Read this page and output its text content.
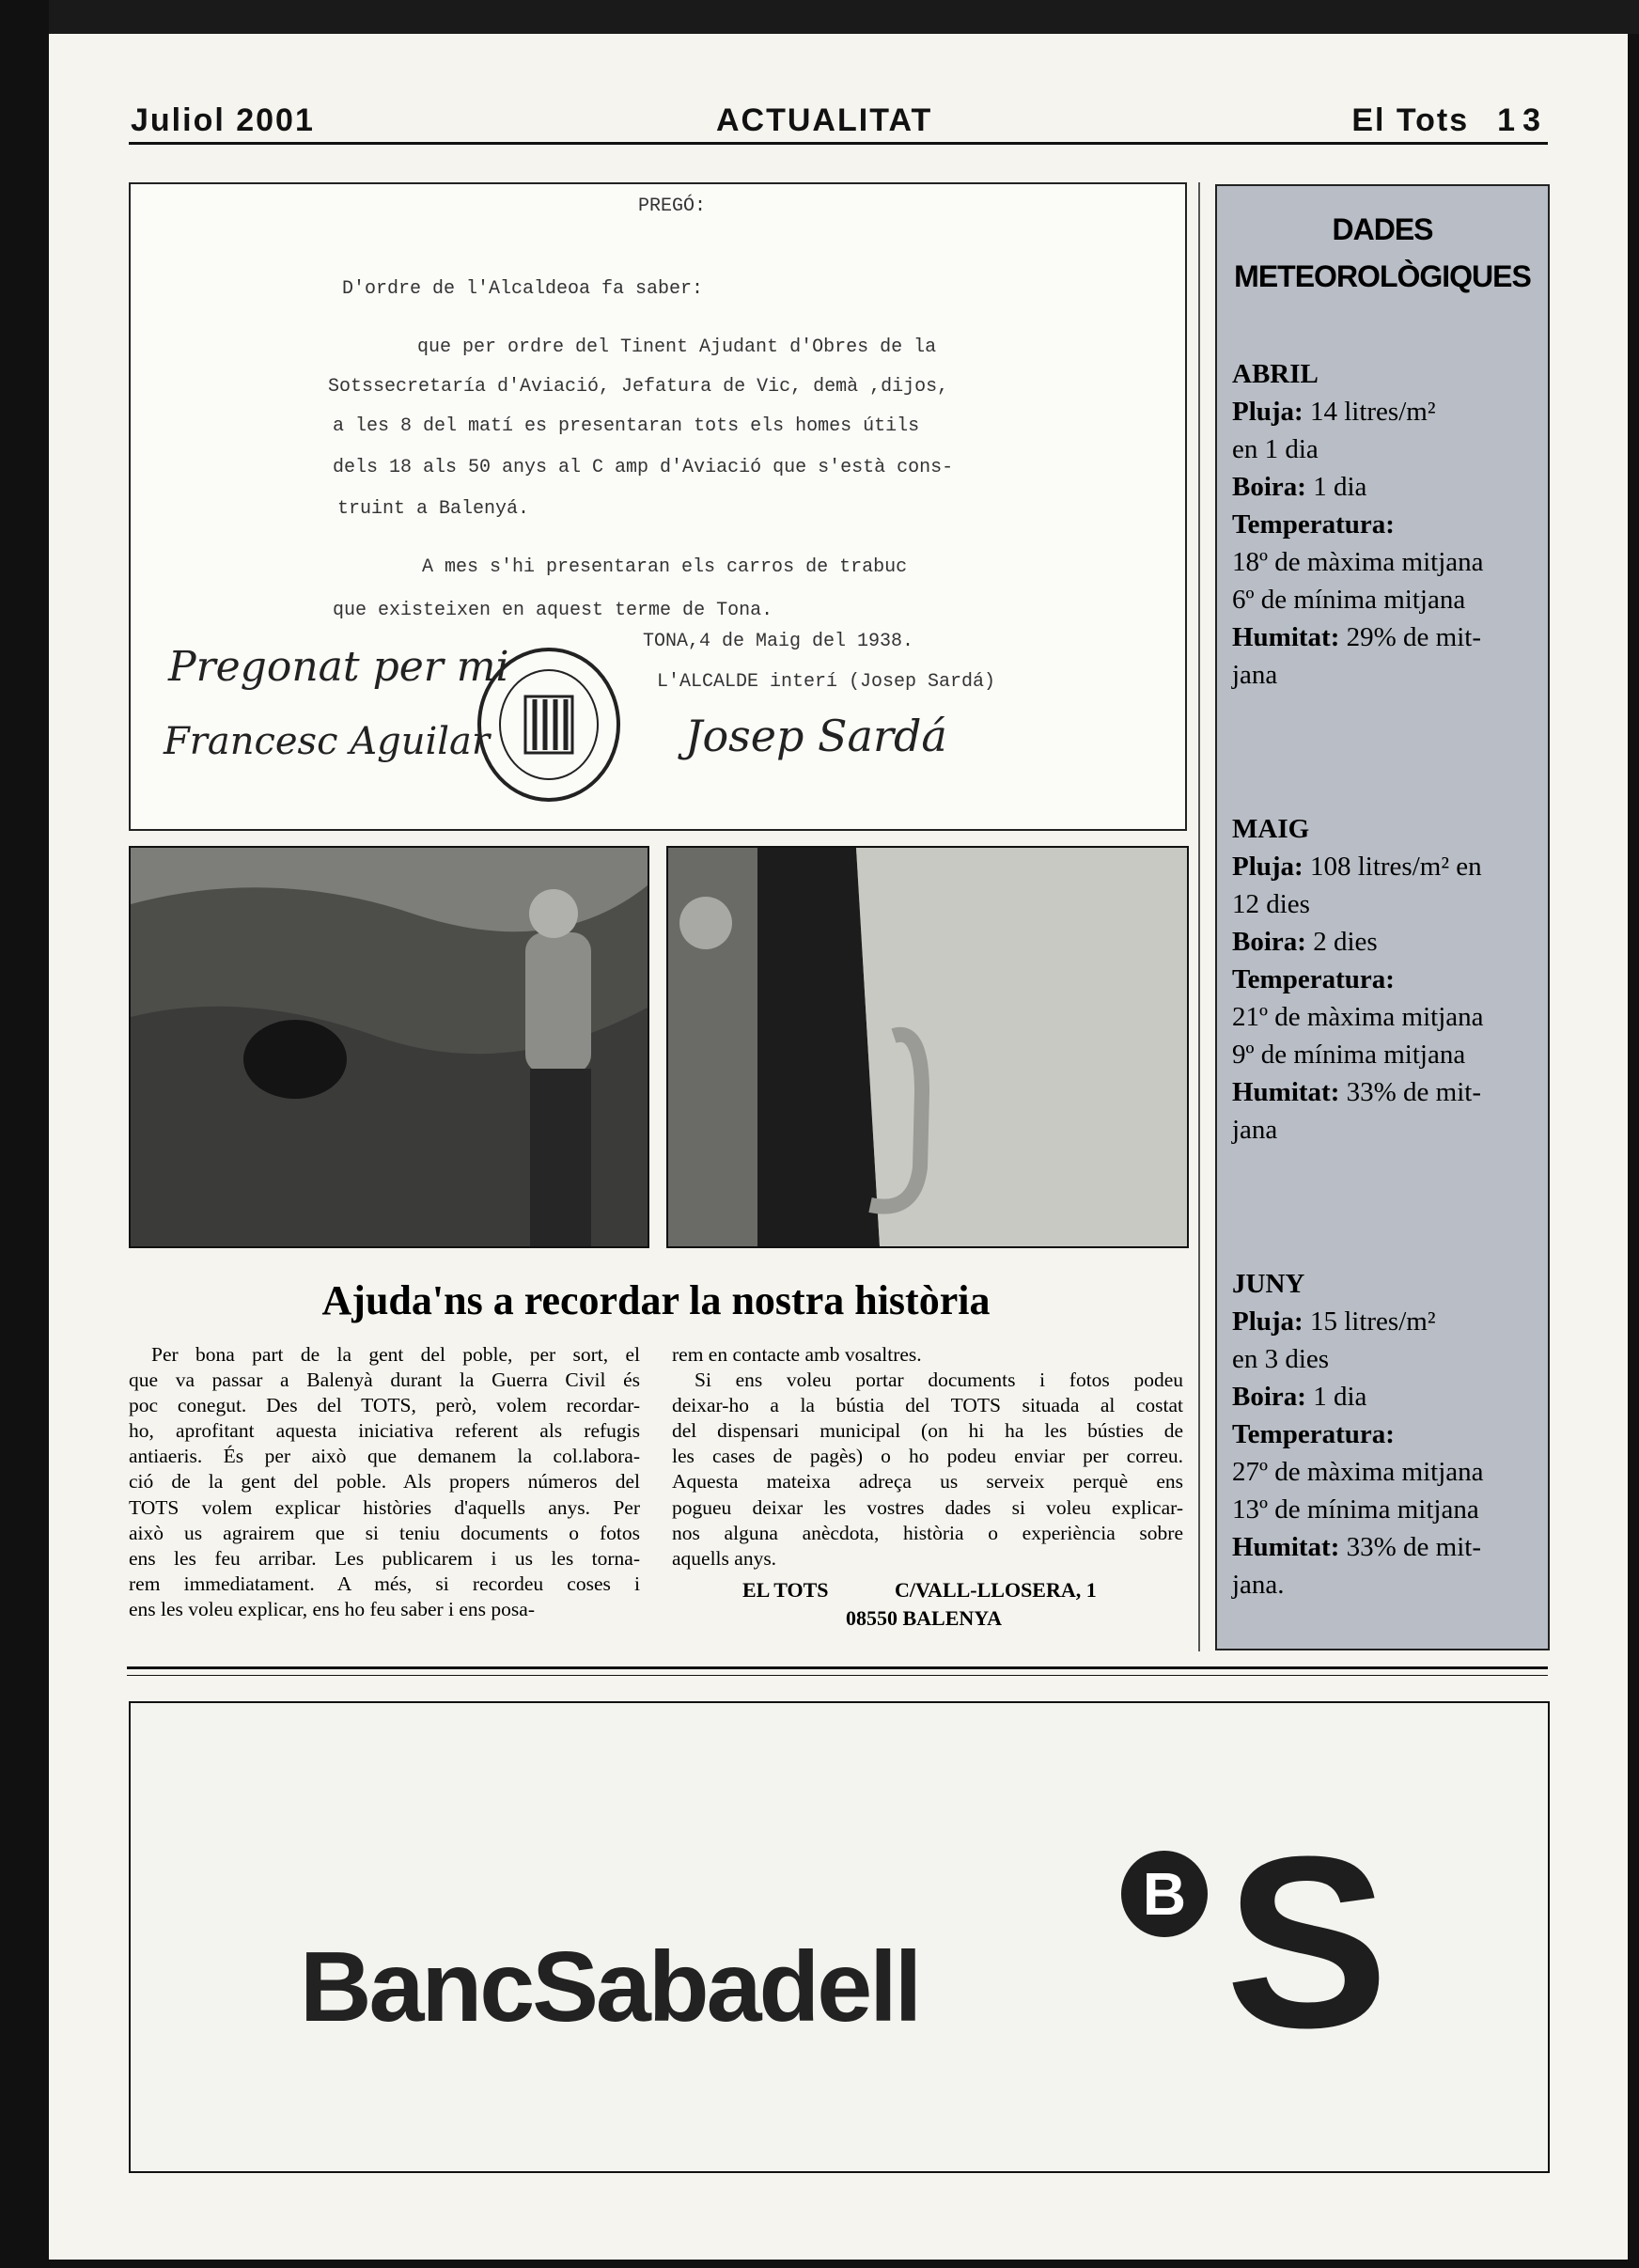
Juliol 2001	ACTUALITAT	El Tots 13
PREGÓ:
D'ordre de l'Alcaldeoa fa saber:
que per ordre del Tinent Ajudant d'Obres de la
Sotssecretaría d'Aviació, Jefatura de Vic, demà ,dijos,
a les 8 del matí es presentaran tots els homes útils
dels 18 als 50 anys al C amp d'Aviació que s'està cons-
truint a Balenyá.
A mes s'hi presentaran els carros de trabuc
que existeixen en aquest terme de Tona.
TONA,4 de Maig del 1938.
L'ALCALDE interí (Josep Sardá)
Pregonat per mi
Francesc Aguilar	Josep Sardá
DADES
METEOROLÒGIQUES
ABRIL
Pluja: 14 litres/m²
en 1 dia
Boira: 1 dia
Temperatura:
18º de màxima mitjana
6º de mínima mitjana
Humitat: 29% de mit-
jana
MAIG
Pluja: 108 litres/m² en
12 dies
Boira: 2 dies
Temperatura:
21º de màxima mitjana
9º de mínima mitjana
Humitat: 33% de mit-
jana
JUNY
Pluja: 15 litres/m²
en 3 dies
Boira: 1 dia
Temperatura:
27º de màxima mitjana
13º de mínima mitjana
Humitat: 33% de mit-
jana.
Ajuda'ns a recordar la nostra història
Per bona part de la gent del poble, per sort, el
que va passar a Balenyà durant la Guerra Civil és
poc conegut. Des del TOTS, però, volem recordar-
ho, aprofitant aquesta iniciativa referent als refugis
antiaeris. És per això que demanem la col.labora-
ció de la gent del poble. Als propers números del
TOTS volem explicar històries d'aquells anys. Per
això us agrairem que si teniu documents o fotos
ens les feu arribar. Les publicarem i us les torna-
rem immediatament. A més, si recordeu coses i
ens les voleu explicar, ens ho feu saber i ens posa-
rem en contacte amb vosaltres.
Si ens voleu portar documents i fotos podeu
deixar-ho a la bústia del TOTS situada al costat
del dispensari municipal (on hi ha les bústies de
les cases de pagès) o ho podeu enviar per correu.
Aquesta mateixa adreça us serveix perquè ens
pogueu deixar les vostres dades si voleu explicar-
nos alguna anècdota, història o experiència sobre
aquells anys.
EL TOTS	C/VALL-LLOSERA, 1
08550 BALENYA
BancSabadell
B S
